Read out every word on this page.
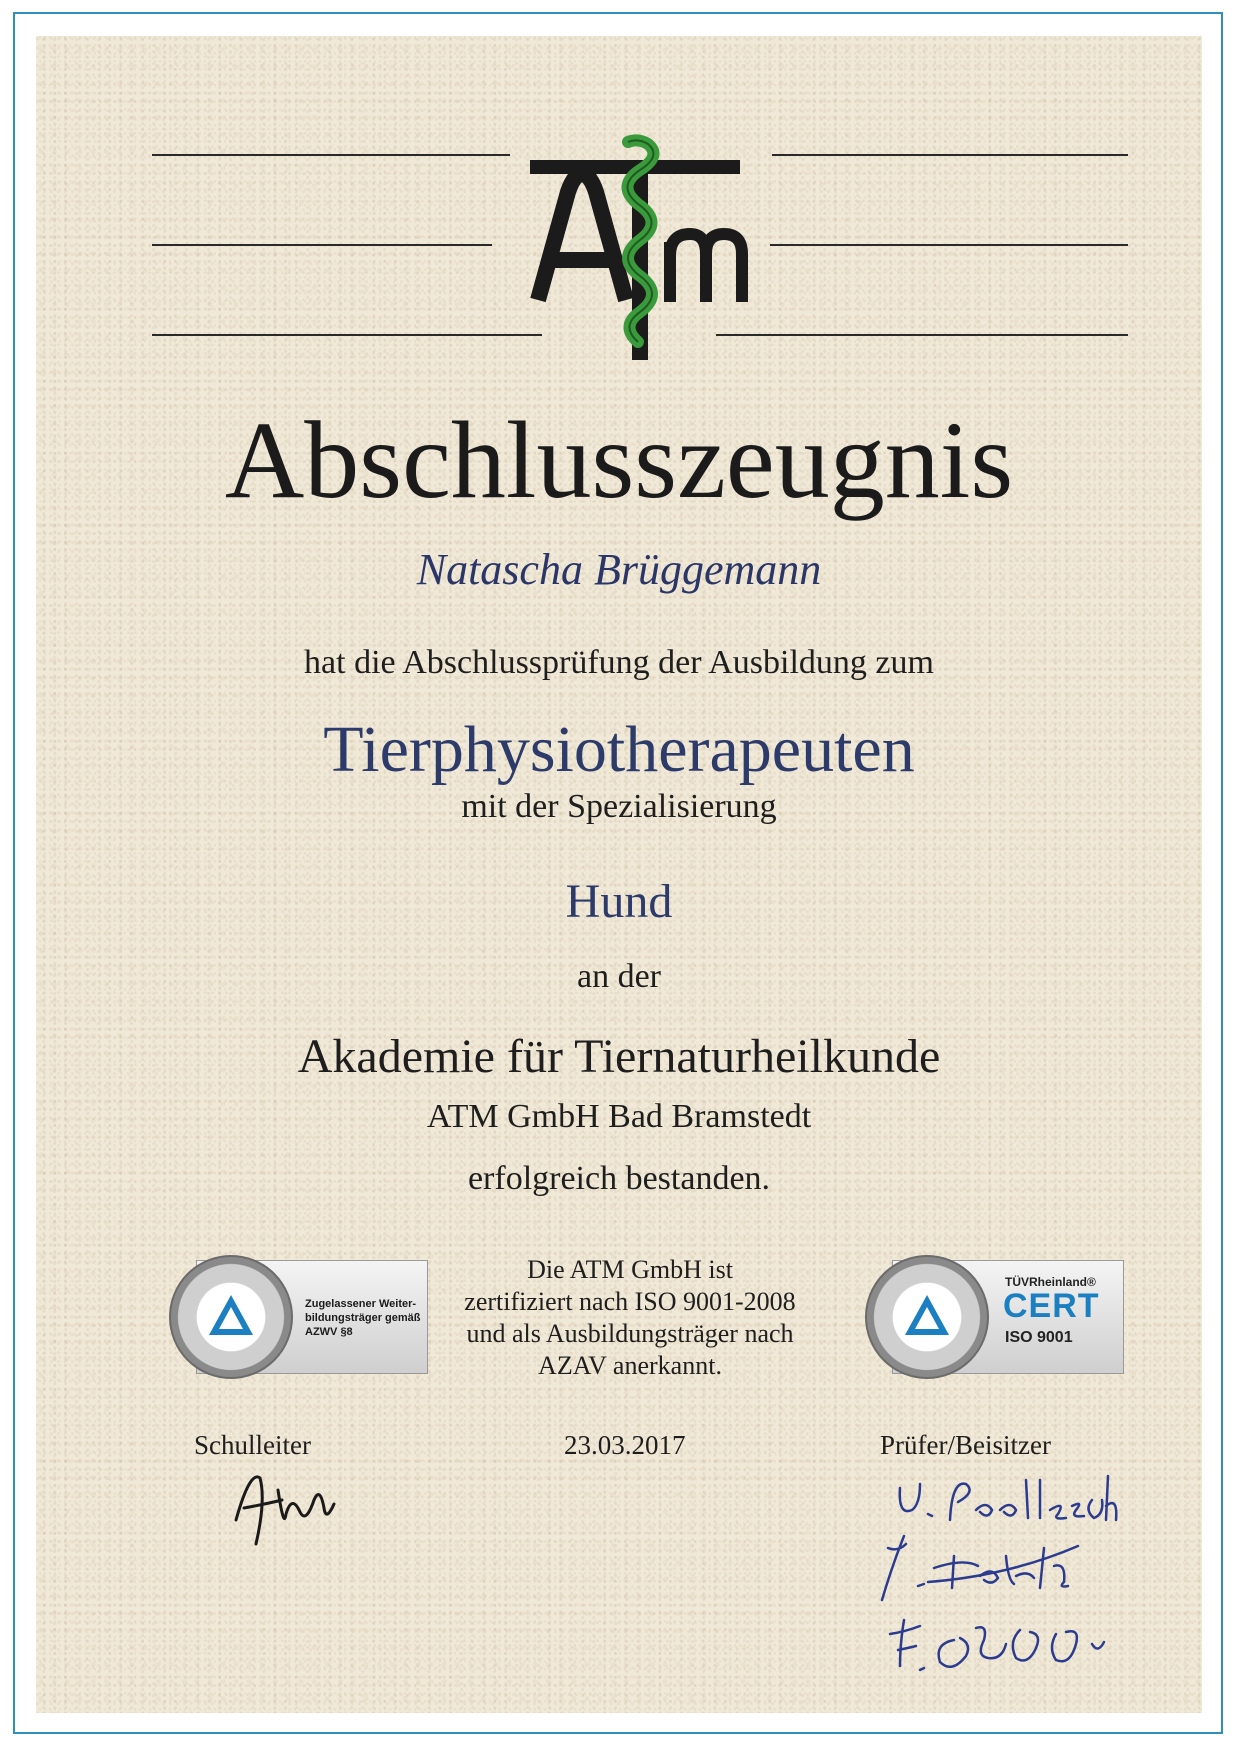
Abschlusszeugnis
Natascha Brüggemann
hat die Abschlussprüfung der Ausbildung zum
Tierphysiotherapeuten
mit der Spezialisierung
Hund
an der
Akademie für Tiernaturheilkunde
ATM GmbH Bad Bramstedt
erfolgreich bestanden.
Zugelassener Weiter-
bildungsträger gemäß
AZWV §8
Die ATM GmbH ist
zertifiziert nach ISO 9001-2008
und als Ausbildungsträger nach
AZAV anerkannt.
TÜVRheinland®
CERT
ISO 9001
Schulleiter	23.03.2017	Prüfer/Beisitzer
